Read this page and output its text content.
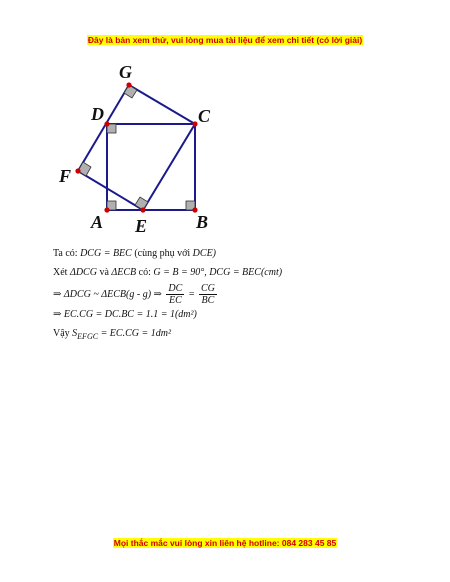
Đây là bản xem thử, vui lòng mua tài liệu để xem chi tiết (có lời giải)
G
D	C
F
A E	B
Ta có: DCG = BEC (cùng phụ với DCE)
Xét ΔDCG và ΔECB có: G = B = 90°, DCG = BEC(cmt)
⇒ ΔDCG ~ ΔECB(g - g) ⇒ $\frac{DC}{EC} = \frac{CG}{BC}$
⇒ EC.CG = DC.BC = 1.1 = 1(dm²)
Vậy $S_{EFGC} = EC.CG = 1dm^2$
Mọi thắc mắc vui lòng xin liên hệ hotline: 084 283 45 85
